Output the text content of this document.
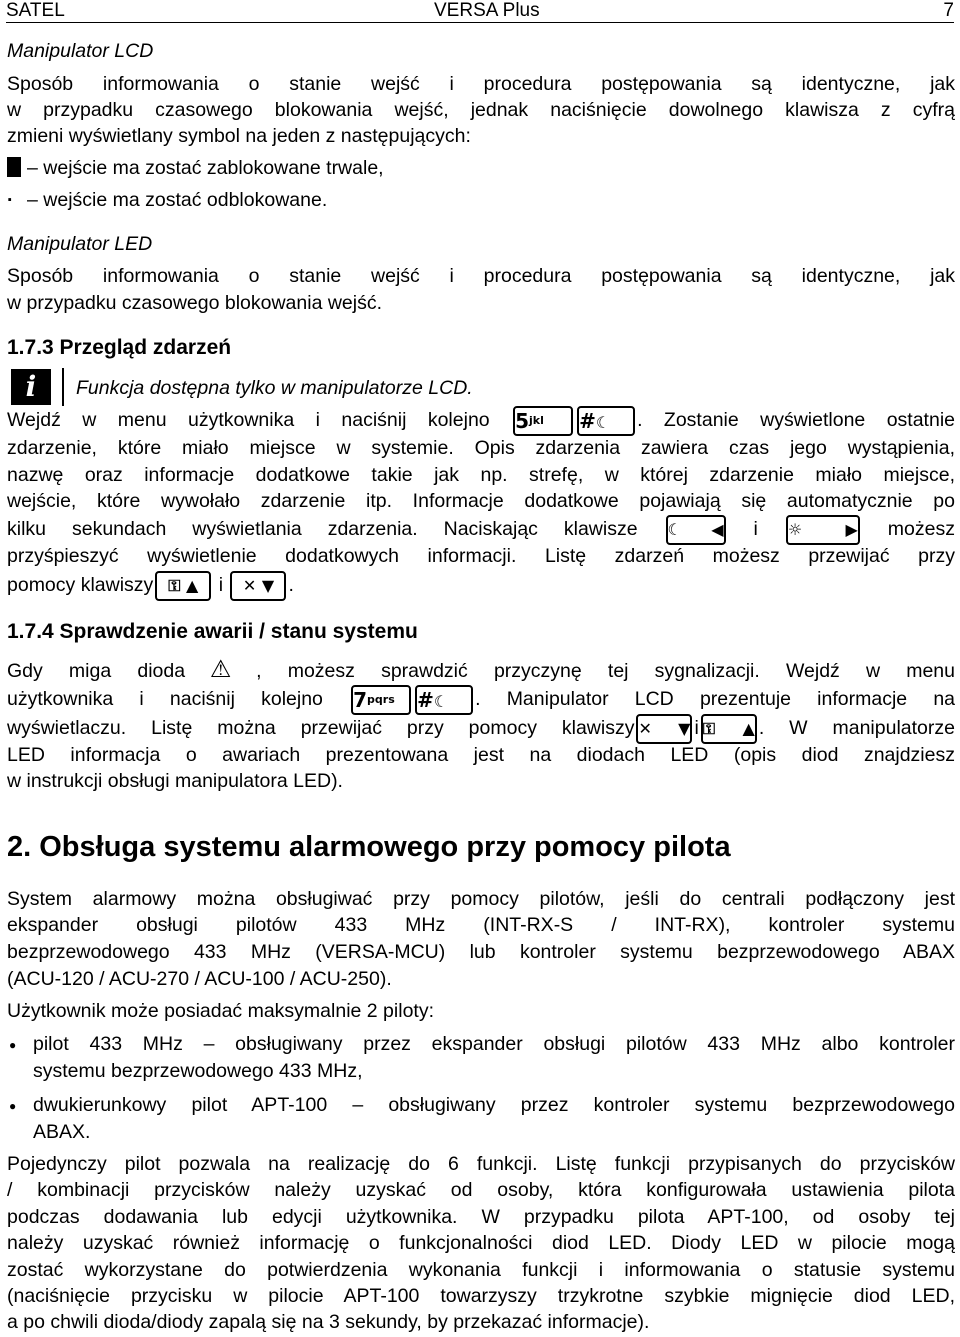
SATEL	VERSA Plus	7
Manipulator LCD
Sposób informowania o stanie wejść i procedura postępowania są identyczne, jak
w przypadku czasowego blokowania wejść, jednak naciśnięcie dowolnego klawisza z cyfrą
zmieni wyświetlany symbol na jeden z następujących:
– wejście ma zostać zablokowane trwale,
· – wejście ma zostać odblokowane.
Manipulator LED
Sposób informowania o stanie wejść i procedura postępowania są identyczne, jak
w przypadku czasowego blokowania wejść.
1.7.3 Przegląd zdarzeń
i	Funkcja dostępna tylko w manipulatorze LCD.
Wejdź w menu użytkownika i naciśnij kolejno $5^{jkl}$ #☾ . Zostanie wyświetlone ostatnie
zdarzenie, które miało miejsce w systemie. Opis zdarzenia zawiera czas jego wystąpienia,
nazwę oraz informacje dodatkowe takie jak np. strefę, w której zdarzenie miało miejsce,
wejście, które wywołało zdarzenie itp. Informacje dodatkowe pojawiają się automatycznie po
kilku sekundach wyświetlania zdarzenia. Naciskając klawisze ☾ ◀ i ☼	▶ możesz
przyśpieszyć wyświetlenie dodatkowych informacji. Listę zdarzeń możesz przewijać przy
pomocy klawiszy ⚿ ▲ i ✕ ▼ .
1.7.4 Sprawdzenie awarii / stanu systemu
Gdy miga dioda ⚠ , możesz sprawdzić przyczynę tej sygnalizacji. Wejdź w menu
użytkownika i naciśnij kolejno $7^{pqrs}$ #☾ . Manipulator LCD prezentuje informacje na
wyświetlaczu. Listę można przewijać przy pomocy klawiszy ✕ ▼ i ⚿ ▲ . W manipulatorze
LED informacja o awariach prezentowana jest na diodach LED (opis diod znajdziesz
w instrukcji obsługi manipulatora LED).
2. Obsługa systemu alarmowego przy pomocy pilota
System alarmowy można obsługiwać przy pomocy pilotów, jeśli do centrali podłączony jest
ekspander obsługi pilotów 433 MHz (INT-RX-S / INT-RX), kontroler systemu
bezprzewodowego 433 MHz (VERSA-MCU) lub kontroler systemu bezprzewodowego ABAX
(ACU-120 / ACU-270 / ACU-100 / ACU-250).
Użytkownik może posiadać maksymalnie 2 piloty:
● pilot 433 MHz – obsługiwany przez ekspander obsługi pilotów 433 MHz albo kontroler
systemu bezprzewodowego 433 MHz,
● dwukierunkowy pilot APT-100 – obsługiwany przez kontroler systemu bezprzewodowego
ABAX.
Pojedynczy pilot pozwala na realizację do 6 funkcji. Listę funkcji przypisanych do przycisków
/ kombinacji przycisków należy uzyskać od osoby, która konfigurowała ustawienia pilota
podczas dodawania lub edycji użytkownika. W przypadku pilota APT-100, od osoby tej
należy uzyskać również informację o funkcjonalności diod LED. Diody LED w pilocie mogą
zostać wykorzystane do potwierdzenia wykonania funkcji i informowania o statusie systemu
(naciśnięcie przycisku w pilocie APT-100 towarzyszy trzykrotne szybkie mignięcie diod LED,
a po chwili dioda/diody zapalą się na 3 sekundy, by przekazać informacje).
